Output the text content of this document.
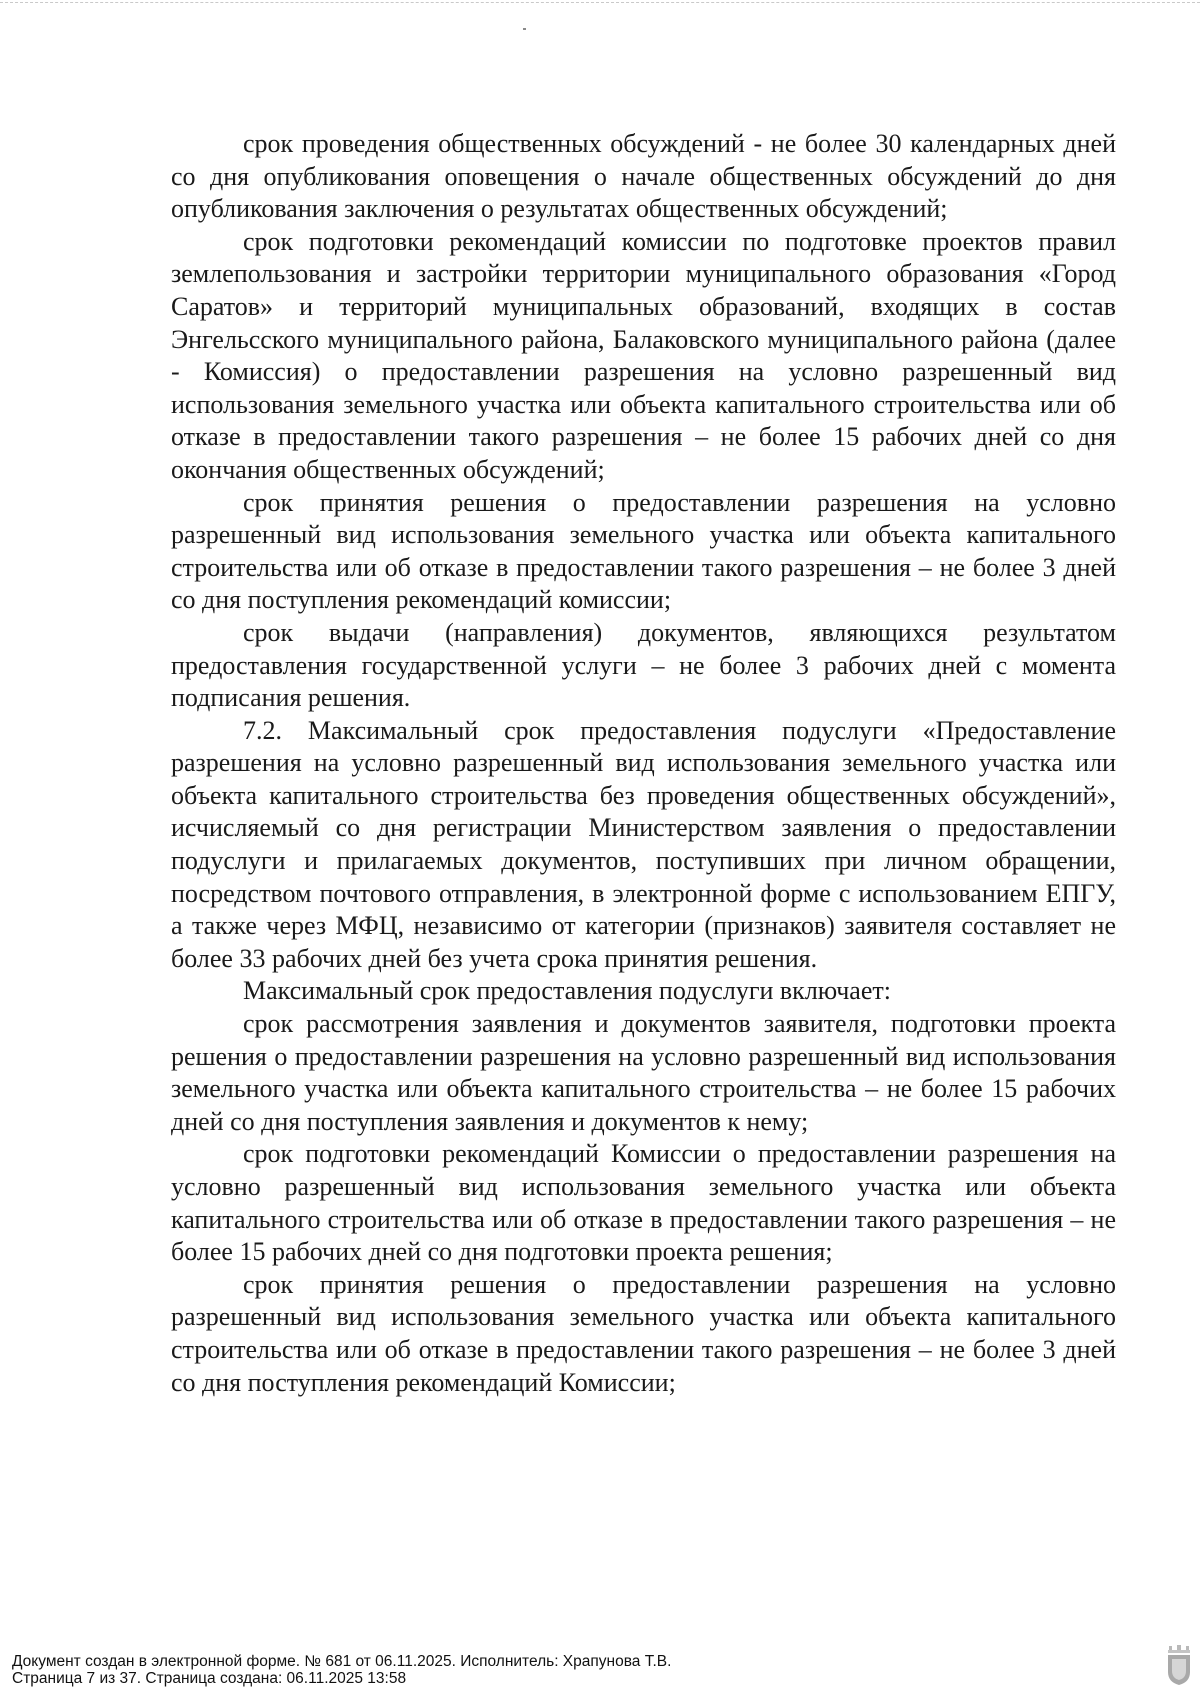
срок проведения общественных обсуждений - не более 30 календарных дней со дня опубликования оповещения о начале общественных обсуждений до дня опубликования заключения о результатах общественных обсуждений;

срок подготовки рекомендаций комиссии по подготовке проектов правил землепользования и застройки территории муниципального образования «Город Саратов» и территорий муниципальных образований, входящих в состав Энгельсского муниципального района, Балаковского муниципального района (далее - Комиссия) о предоставлении разрешения на условно разрешенный вид использования земельного участка или объекта капитального строительства или об отказе в предоставлении такого разрешения – не более 15 рабочих дней со дня окончания общественных обсуждений;

срок принятия решения о предоставлении разрешения на условно разрешенный вид использования земельного участка или объекта капитального строительства или об отказе в предоставлении такого разрешения – не более 3 дней со дня поступления рекомендаций комиссии;

срок выдачи (направления) документов, являющихся результатом предоставления государственной услуги – не более 3 рабочих дней с момента подписания решения.

7.2. Максимальный срок предоставления подуслуги «Предоставление разрешения на условно разрешенный вид использования земельного участка или объекта капитального строительства без проведения общественных обсуждений», исчисляемый со дня регистрации Министерством заявления о предоставлении подуслуги и прилагаемых документов, поступивших при личном обращении, посредством почтового отправления, в электронной форме с использованием ЕПГУ, а также через МФЦ, независимо от категории (признаков) заявителя составляет не более 33 рабочих дней без учета срока принятия решения.

Максимальный срок предоставления подуслуги включает:

срок рассмотрения заявления и документов заявителя, подготовки проекта решения о предоставлении разрешения на условно разрешенный вид использования земельного участка или объекта капитального строительства – не более 15 рабочих дней со дня поступления заявления и документов к нему;

срок подготовки рекомендаций Комиссии о предоставлении разрешения на условно разрешенный вид использования земельного участка или объекта капитального строительства или об отказе в предоставлении такого разрешения – не более 15 рабочих дней со дня подготовки проекта решения;

срок принятия решения о предоставлении разрешения на условно разрешенный вид использования земельного участка или объекта капитального строительства или об отказе в предоставлении такого разрешения – не более 3 дней со дня поступления рекомендаций Комиссии;

Документ создан в электронной форме. № 681 от 06.11.2025. Исполнитель: Храпунова Т.В.
Страница 7 из 37. Страница создана: 06.11.2025 13:58
